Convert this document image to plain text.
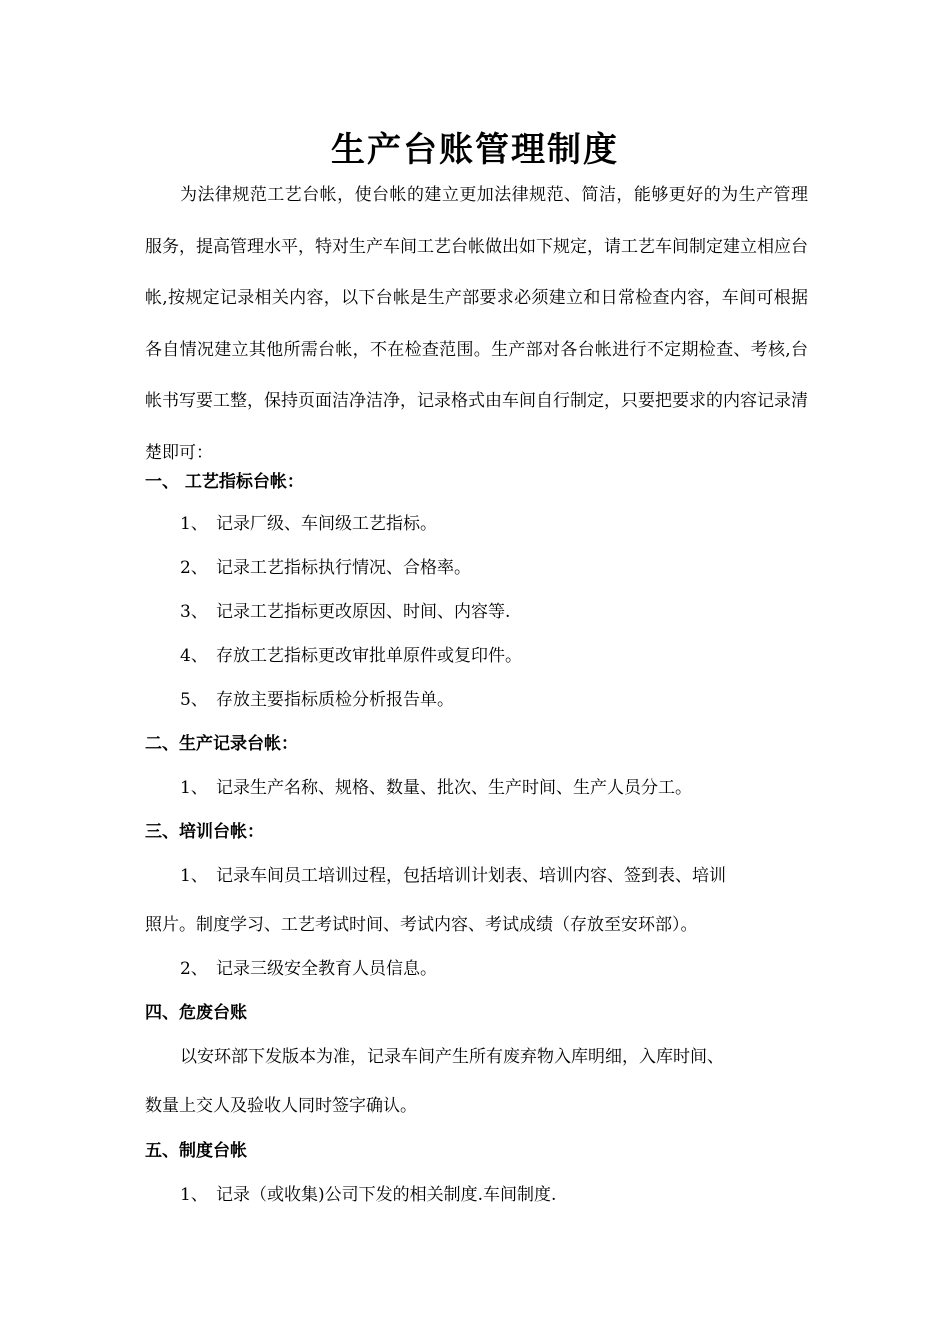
生产台账管理制度

为法律规范工艺台帐，使台帐的建立更加法律规范、简洁，能够更好的为生产管理服务，提高管理水平，特对生产车间工艺台帐做出如下规定，请工艺车间制定建立相应台帐,按规定记录相关内容，以下台帐是生产部要求必须建立和日常检查内容，车间可根据各自情况建立其他所需台帐，不在检查范围。生产部对各台帐进行不定期检查、考核,台帐书写要工整，保持页面洁净洁净，记录格式由车间自行制定，只要把要求的内容记录清楚即可：

一、 工艺指标台帐：
1、 记录厂级、车间级工艺指标。
2、 记录工艺指标执行情况、合格率。
3、 记录工艺指标更改原因、时间、内容等.
4、 存放工艺指标更改审批单原件或复印件。
5、 存放主要指标质检分析报告单。
二、生产记录台帐：
1、 记录生产名称、规格、数量、批次、生产时间、生产人员分工。
三、培训台帐：
1、 记录车间员工培训过程，包括培训计划表、培训内容、签到表、培训
照片。制度学习、工艺考试时间、考试内容、考试成绩（存放至安环部）。
2、 记录三级安全教育人员信息。
四、危废台账
以安环部下发版本为准，记录车间产生所有废弃物入库明细，入库时间、
数量上交人及验收人同时签字确认。
五、制度台帐
1、 记录（或收集)公司下发的相关制度.车间制度.
